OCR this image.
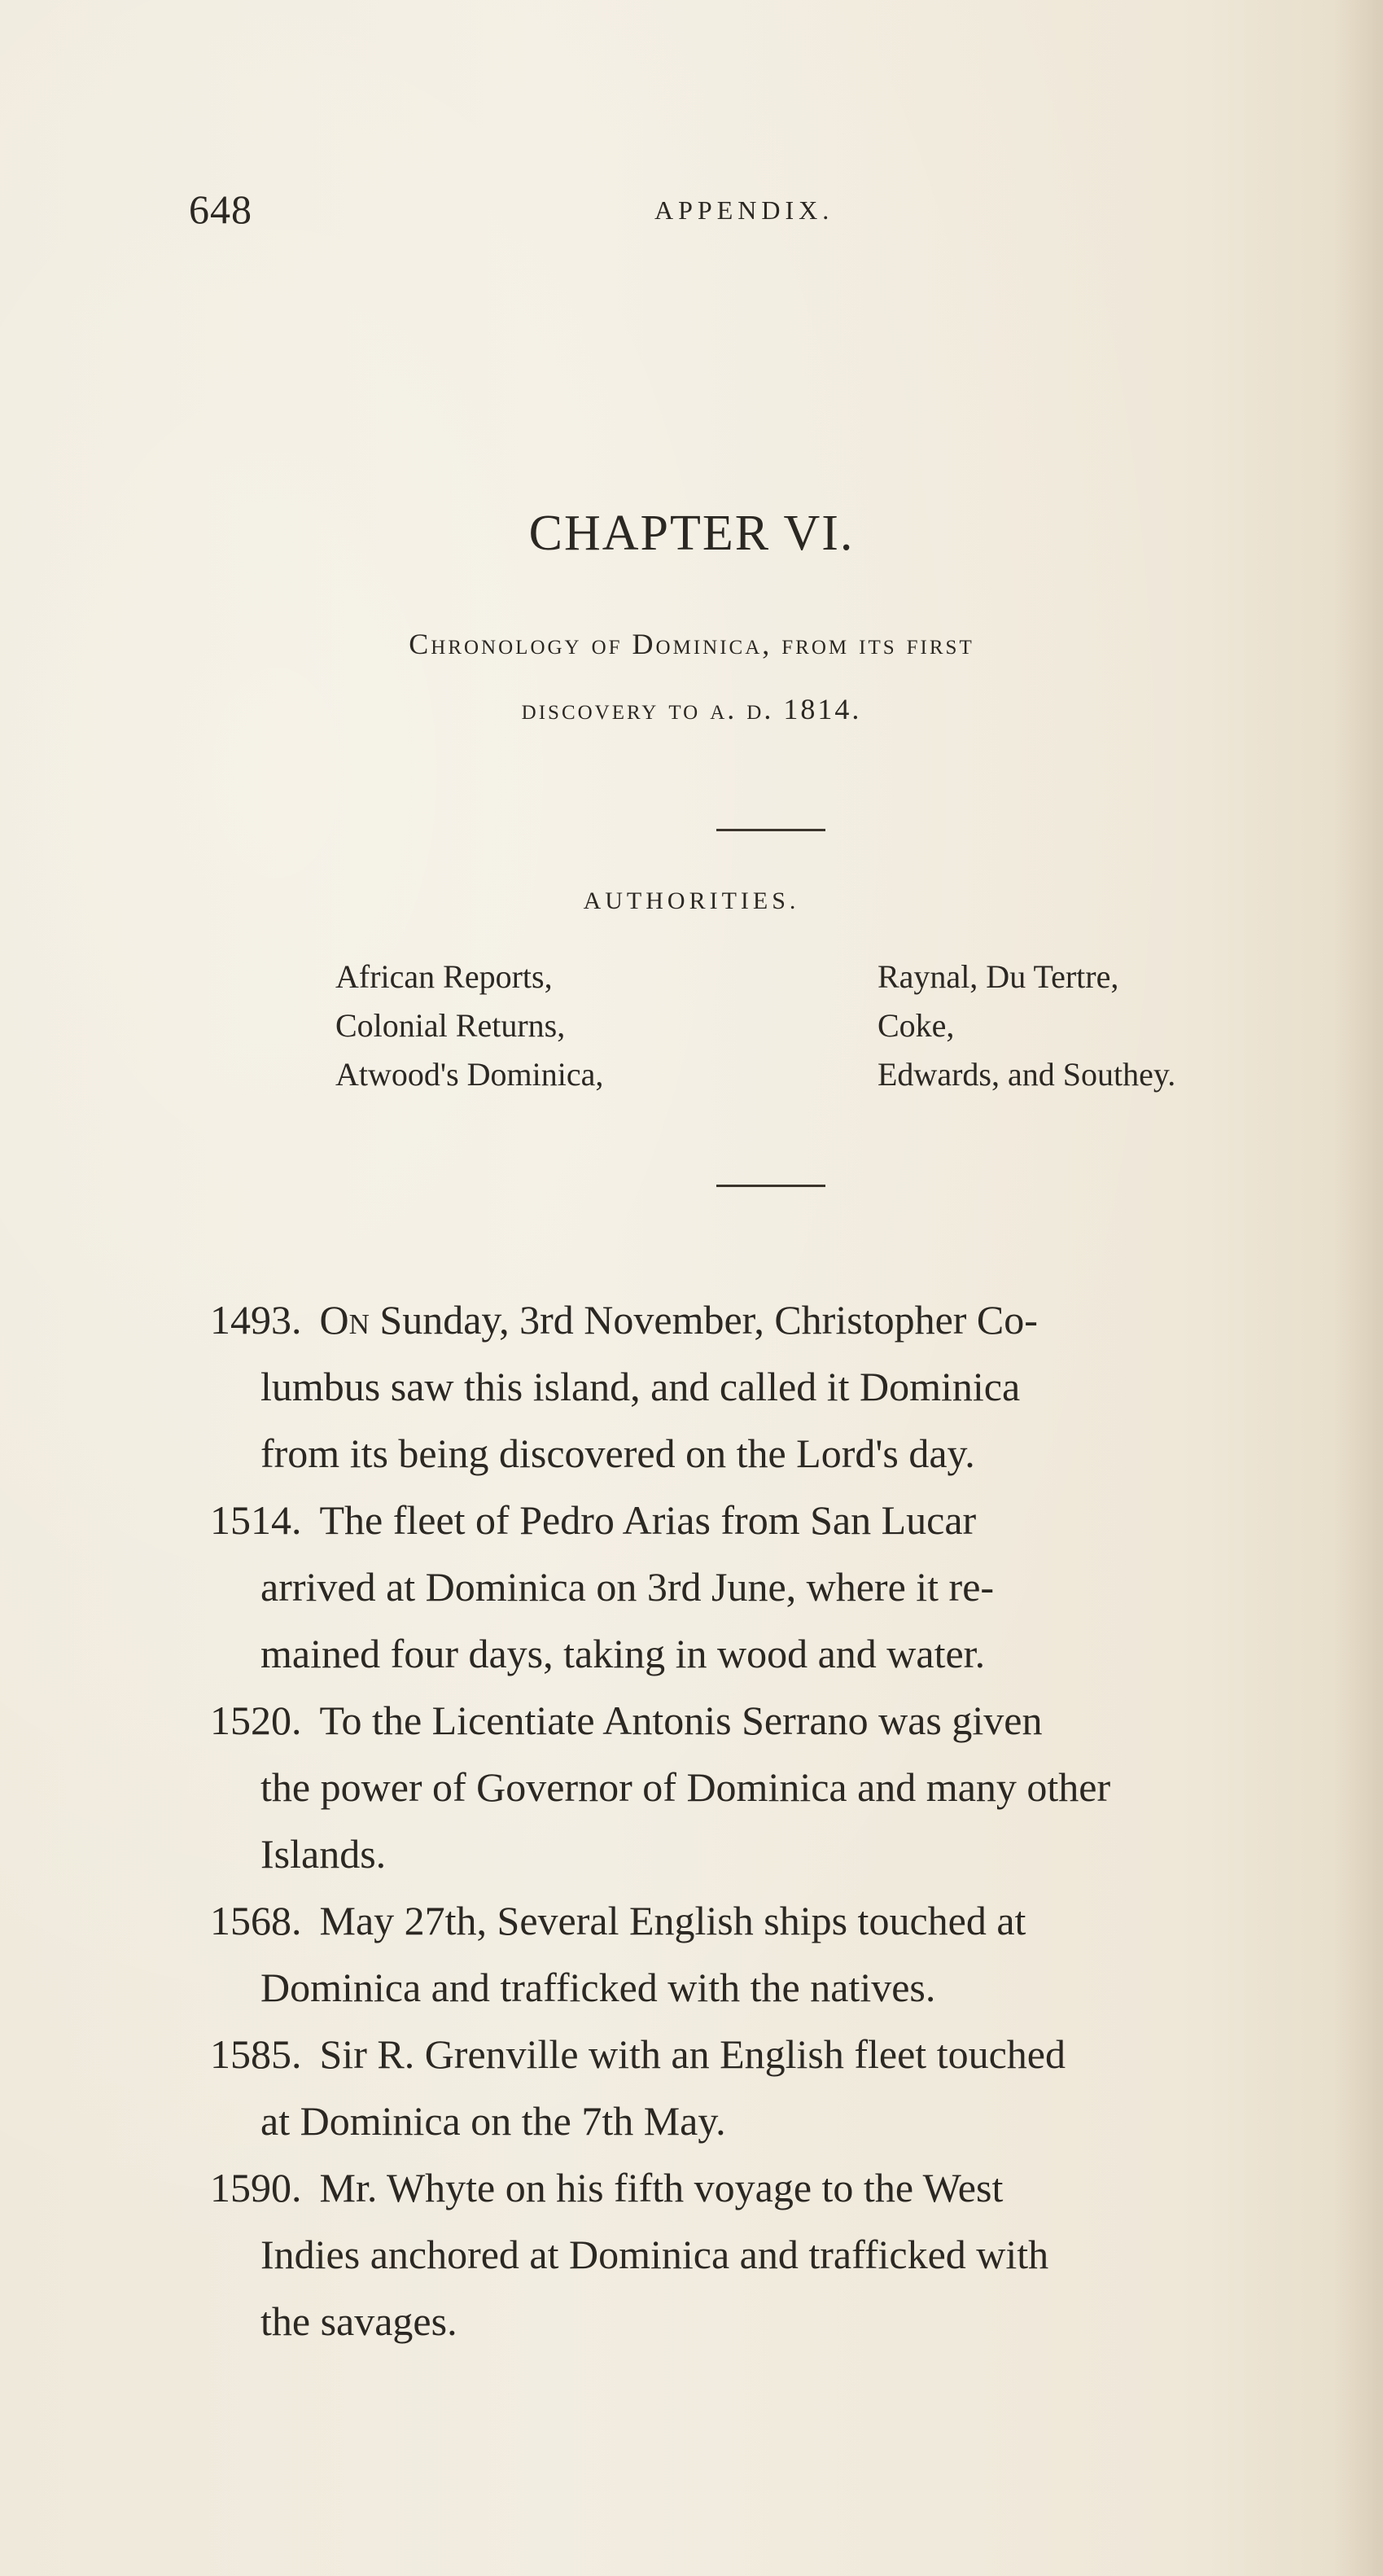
648	APPENDIX.
CHAPTER VI.
Chronology of Dominica, from its first
discovery to a. d. 1814.
AUTHORITIES.
African Reports,
Colonial Returns,
Atwood's Dominica,
Raynal, Du Tertre,
Coke,
Edwards, and Southey.
1493. On Sunday, 3rd November, Christopher Co-
lumbus saw this island, and called it Dominica
from its being discovered on the Lord's day.
1514. The fleet of Pedro Arias from San Lucar
arrived at Dominica on 3rd June, where it re-
mained four days, taking in wood and water.
1520. To the Licentiate Antonis Serrano was given
the power of Governor of Dominica and many other
Islands.
1568. May 27th, Several English ships touched at
Dominica and trafficked with the natives.
1585. Sir R. Grenville with an English fleet touched
at Dominica on the 7th May.
1590. Mr. Whyte on his fifth voyage to the West
Indies anchored at Dominica and trafficked with
the savages.
